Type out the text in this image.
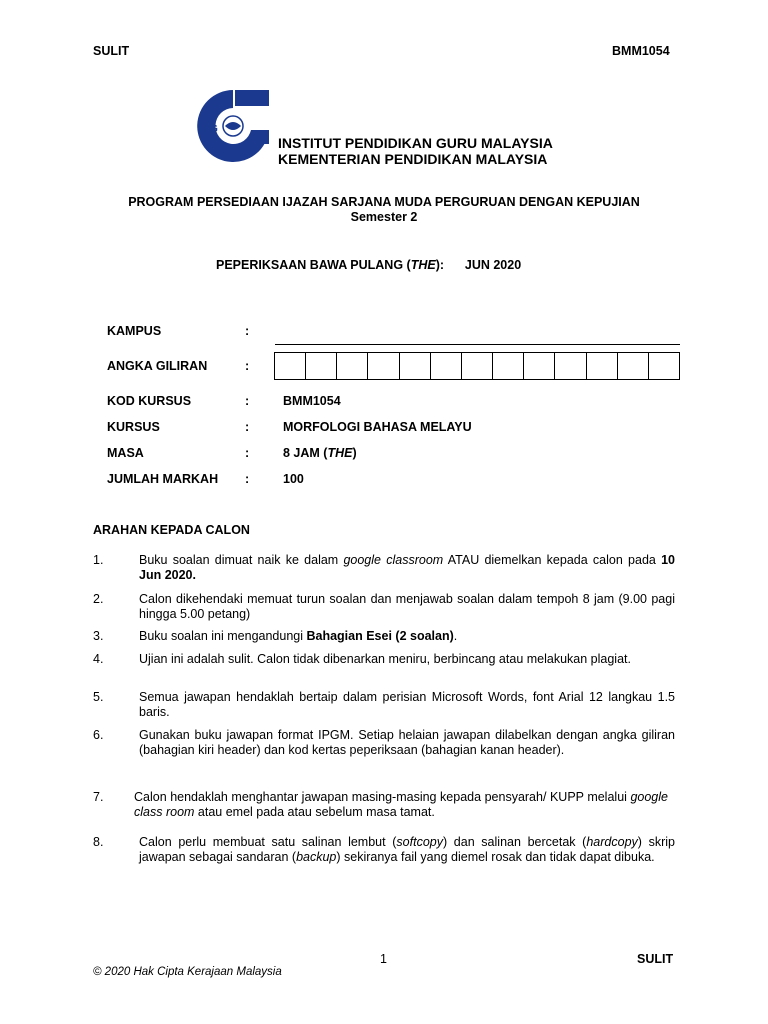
SULIT	BMM1054
IPG
INSTITUT PENDIDIKAN GURU MALAYSIA
KEMENTERIAN PENDIDIKAN MALAYSIA
PROGRAM PERSEDIAAN IJAZAH SARJANA MUDA PERGURUAN DENGAN KEPUJIAN
Semester 2
PEPERIKSAAN BAWA PULANG (THE): JUN 2020
KAMPUS	:
ANGKA GILIRAN	:
KOD KURSUS	:	BMM1054
KURSUS	:	MORFOLOGI BAHASA MELAYU
MASA	:	8 JAM (THE)
JUMLAH MARKAH :	100
ARAHAN KEPADA CALON
1.	Buku soalan dimuat naik ke dalam google classroom ATAU diemelkan kepada calon pada 10 Jun 2020.
2.	Calon dikehendaki memuat turun soalan dan menjawab soalan dalam tempoh 8 jam (9.00 pagi hingga 5.00 petang)
3.	Buku soalan ini mengandungi Bahagian Esei (2 soalan).
4.	Ujian ini adalah sulit. Calon tidak dibenarkan meniru, berbincang atau melakukan plagiat.
5.	Semua jawapan hendaklah bertaip dalam perisian Microsoft Words, font Arial 12 langkau 1.5 baris.
6.	Gunakan buku jawapan format IPGM. Setiap helaian jawapan dilabelkan dengan angka giliran (bahagian kiri header) dan kod kertas peperiksaan (bahagian kanan header).
7. Calon hendaklah menghantar jawapan masing-masing kepada pensyarah/ KUPP melalui google class room atau emel pada atau sebelum masa tamat.
8.	Calon perlu membuat satu salinan lembut (softcopy) dan salinan bercetak (hardcopy) skrip jawapan sebagai sandaran (backup) sekiranya fail yang diemel rosak dan tidak dapat dibuka.
1	SULIT
© 2020 Hak Cipta Kerajaan Malaysia
